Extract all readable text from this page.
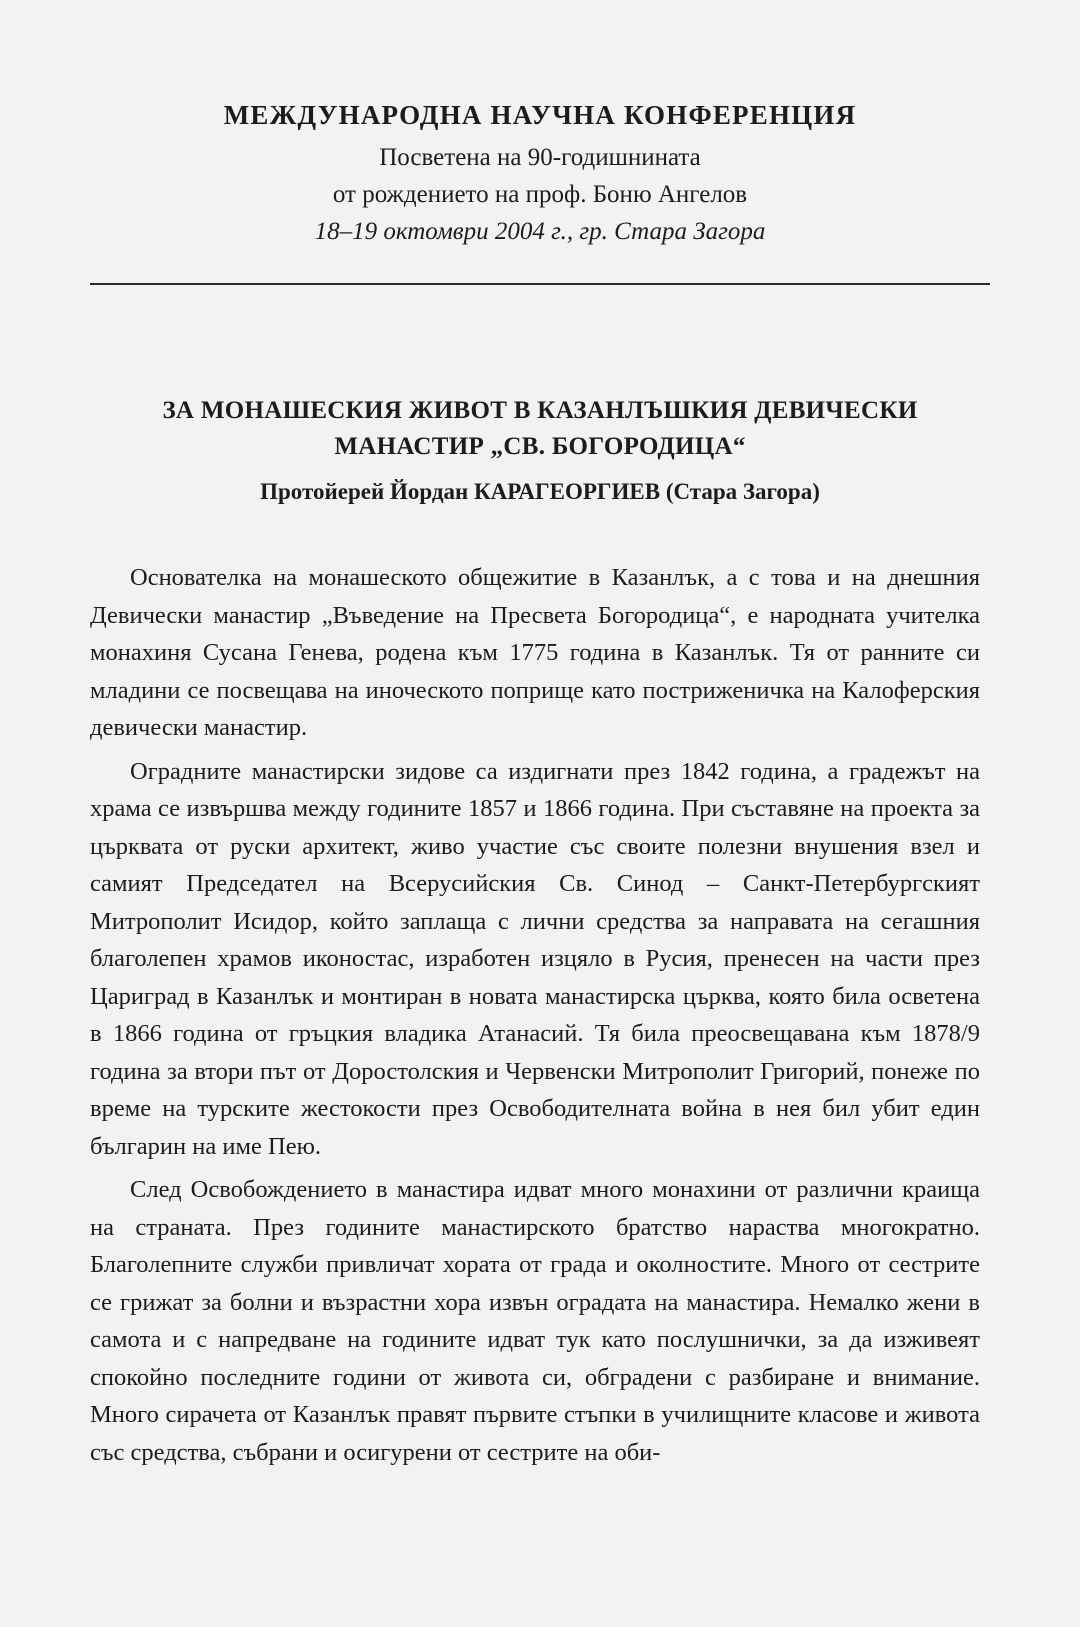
МЕЖДУНАРОДНА НАУЧНА КОНФЕРЕНЦИЯ

Посветена на 90-годишнината

от рождението на проф. Боню Ангелов

18–19 октомври 2004 г., гр. Стара Загора

ЗА МОНАШЕСКИЯ ЖИВОТ В КАЗАНЛЪШКИЯ ДЕВИЧЕСКИ

МАНАСТИР „СВ. БОГОРОДИЦА“

Протойерей Йордан КАРАГЕОРГИЕВ (Стара Загора)

Основателка на монашеското общежитие в Казанлък, а с това и на днешния Девически манастир „Въведение на Пресвета Богородица“, е народната учителка монахиня Сусана Генева, родена към 1775 година в Казанлък. Тя от ранните си младини се посвещава на иноческото поприще като постриженичка на Калоферския девически манастир.

Оградните манастирски зидове са издигнати през 1842 година, а градежът на храма се извършва между годините 1857 и 1866 година. При съставяне на проекта за църквата от руски архитект, живо участие със своите полезни внушения взел и самият Председател на Всерусийския Св. Синод – Санкт-Петербургският Митрополит Исидор, който заплаща с лични средства за направата на сегашния благолепен храмов иконостас, изработен изцяло в Русия, пренесен на части през Цариград в Казанлък и монтиран в новата манастирска църква, която била осветена в 1866 година от гръцкия владика Атанасий. Тя била преосвещавана към 1878/9 година за втори път от Доростолския и Червенски Митрополит Григорий, понеже по време на турските жестокости през Освободителната война в нея бил убит един българин на име Пею.

След Освобождението в манастира идват много монахини от различни краища на страната. През годините манастирското братство нараства многократно. Благолепните служби привличат хората от града и околностите. Много от сестрите се грижат за болни и възрастни хора извън оградата на манастира. Немалко жени в самота и с напредване на годините идват тук като послушнички, за да изживеят спокойно последните години от живота си, обградени с разбиране и внимание. Много сирачета от Казанлък правят първите стъпки в училищните класове и живота със средства, събрани и осигурени от сестрите на оби-
